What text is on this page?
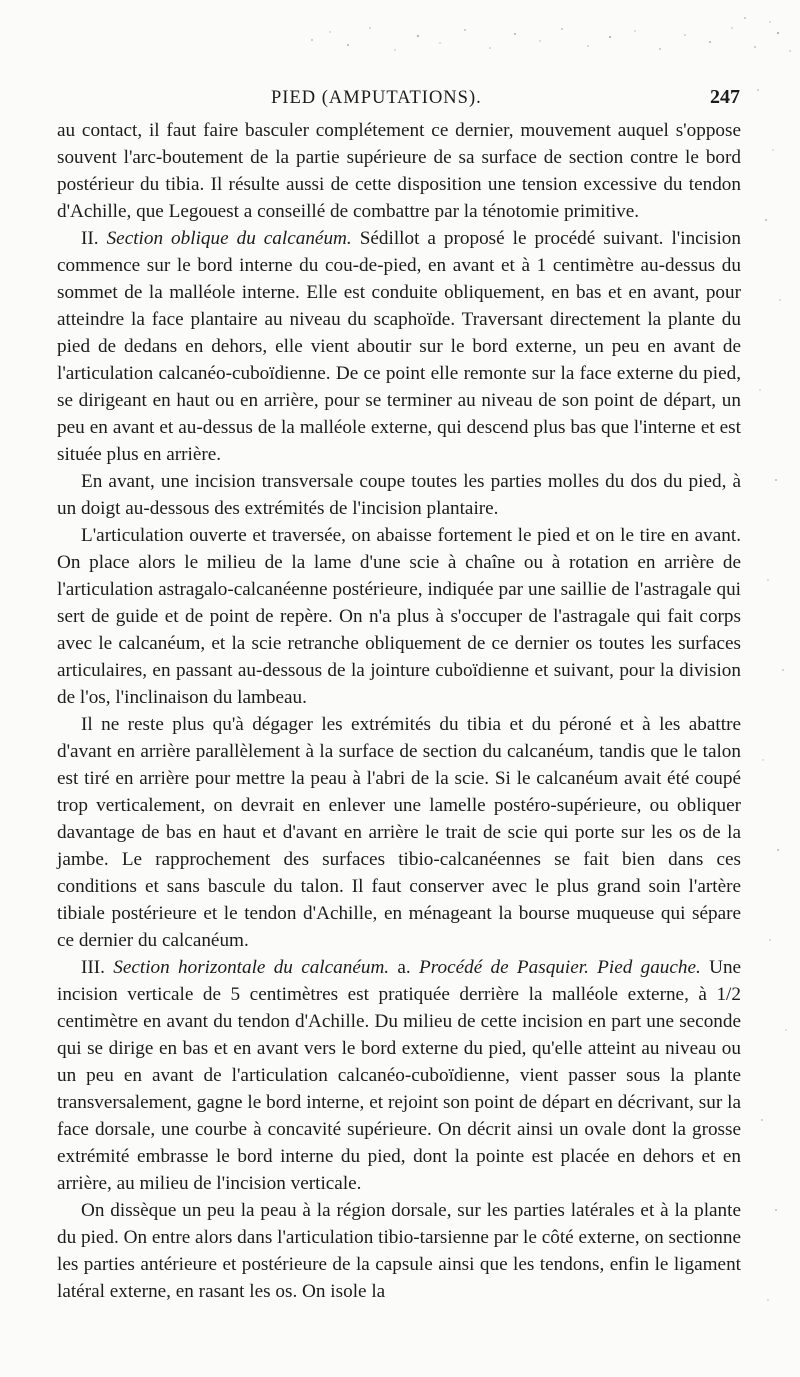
PIED (AMPUTATIONS).	247

au contact, il faut faire basculer complétement ce dernier, mouvement auquel s'oppose souvent l'arc-boutement de la partie supérieure de sa surface de section contre le bord postérieur du tibia. Il résulte aussi de cette disposition une tension excessive du tendon d'Achille, que Legouest a conseillé de combattre par la ténotomie primitive.

II. Section oblique du calcanéum. Sédillot a proposé le procédé suivant. l'incision commence sur le bord interne du cou-de-pied, en avant et à 1 centimètre au-dessus du sommet de la malléole interne. Elle est conduite obliquement, en bas et en avant, pour atteindre la face plantaire au niveau du scaphoïde. Traversant directement la plante du pied de dedans en dehors, elle vient aboutir sur le bord externe, un peu en avant de l'articulation calcanéo-cuboïdienne. De ce point elle remonte sur la face externe du pied, se dirigeant en haut ou en arrière, pour se terminer au niveau de son point de départ, un peu en avant et au-dessus de la malléole externe, qui descend plus bas que l'interne et est située plus en arrière.

En avant, une incision transversale coupe toutes les parties molles du dos du pied, à un doigt au-dessous des extrémités de l'incision plantaire.

L'articulation ouverte et traversée, on abaisse fortement le pied et on le tire en avant. On place alors le milieu de la lame d'une scie à chaîne ou à rotation en arrière de l'articulation astragalo-calcanéenne postérieure, indiquée par une saillie de l'astragale qui sert de guide et de point de repère. On n'a plus à s'occuper de l'astragale qui fait corps avec le calcanéum, et la scie retranche obliquement de ce dernier os toutes les surfaces articulaires, en passant au-dessous de la jointure cuboïdienne et suivant, pour la division de l'os, l'inclinaison du lambeau.

Il ne reste plus qu'à dégager les extrémités du tibia et du péroné et à les abattre d'avant en arrière parallèlement à la surface de section du calcanéum, tandis que le talon est tiré en arrière pour mettre la peau à l'abri de la scie. Si le calcanéum avait été coupé trop verticalement, on devrait en enlever une lamelle postéro-supérieure, ou obliquer davantage de bas en haut et d'avant en arrière le trait de scie qui porte sur les os de la jambe. Le rapprochement des surfaces tibio-calcanéennes se fait bien dans ces conditions et sans bascule du talon. Il faut conserver avec le plus grand soin l'artère tibiale postérieure et le tendon d'Achille, en ménageant la bourse muqueuse qui sépare ce dernier du calcanéum.

III. Section horizontale du calcanéum. a. Procédé de Pasquier. Pied gauche. Une incision verticale de 5 centimètres est pratiquée derrière la malléole externe, à 1/2 centimètre en avant du tendon d'Achille. Du milieu de cette incision en part une seconde qui se dirige en bas et en avant vers le bord externe du pied, qu'elle atteint au niveau ou un peu en avant de l'articulation calcanéo-cuboïdienne, vient passer sous la plante transversalement, gagne le bord interne, et rejoint son point de départ en décrivant, sur la face dorsale, une courbe à concavité supérieure. On décrit ainsi un ovale dont la grosse extrémité embrasse le bord interne du pied, dont la pointe est placée en dehors et en arrière, au milieu de l'incision verticale.

On dissèque un peu la peau à la région dorsale, sur les parties latérales et à la plante du pied. On entre alors dans l'articulation tibio-tarsienne par le côté externe, on sectionne les parties antérieure et postérieure de la capsule ainsi que les tendons, enfin le ligament latéral externe, en rasant les os. On isole la
